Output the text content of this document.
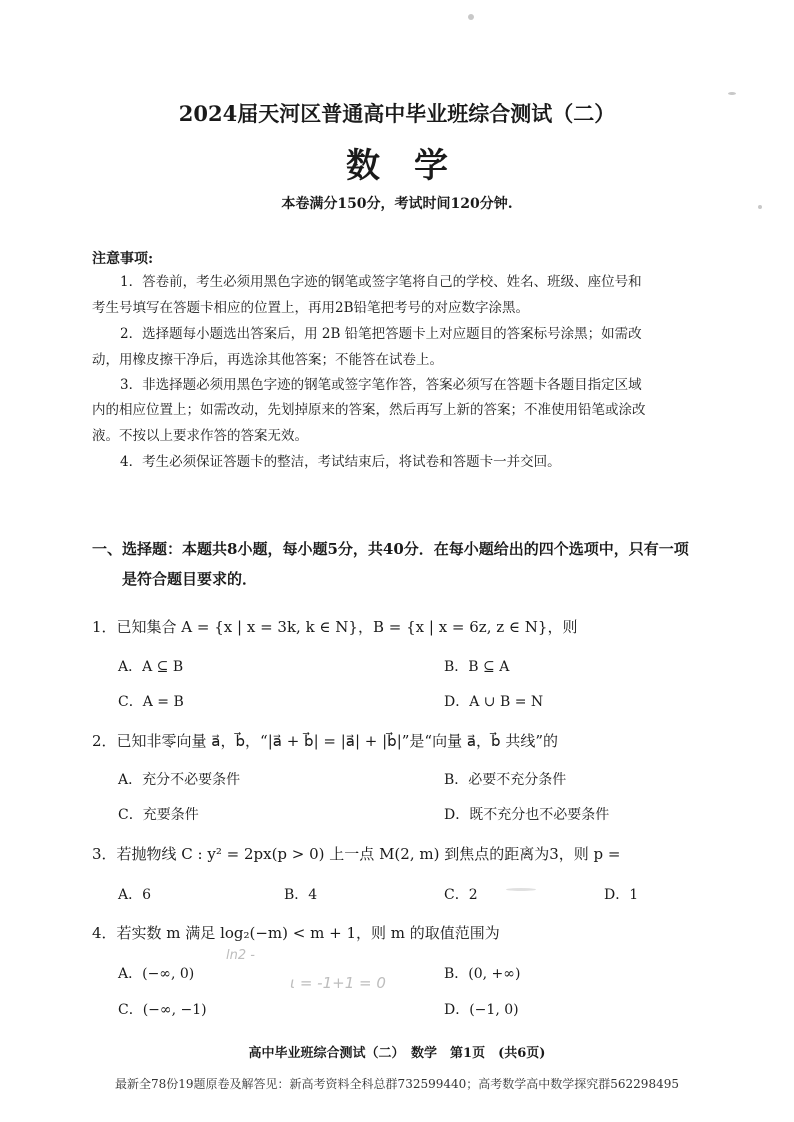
2024届天河区普通高中毕业班综合测试（二）
数学
本卷满分150分，考试时间120分钟.
注意事项:
1．答卷前，考生必须用黑色字迹的钢笔或签字笔将自己的学校、姓名、班级、座位号和
考生号填写在答题卡相应的位置上，再用2B铅笔把考号的对应数字涂黑。
2．选择题每小题选出答案后，用 2B 铅笔把答题卡上对应题目的答案标号涂黑；如需改
动，用橡皮擦干净后，再选涂其他答案；不能答在试卷上。
3．非选择题必须用黑色字迹的钢笔或签字笔作答，答案必须写在答题卡各题目指定区域
内的相应位置上；如需改动，先划掉原来的答案，然后再写上新的答案；不准使用铅笔或涂改
液。不按以上要求作答的答案无效。
4．考生必须保证答题卡的整洁，考试结束后，将试卷和答题卡一并交回。
一、选择题：本题共8小题，每小题5分，共40分．在每小题给出的四个选项中，只有一项
是符合题目要求的．
1．已知集合 A = {x | x = 3k, k ∈ N}，B = {x | x = 6z, z ∈ N}，则
A．A ⊆ B	B．B ⊆ A
C．A = B	D．A ∪ B = N
2．已知非零向量 a⃗，b⃗，“|a⃗ + b⃗| = |a⃗| + |b⃗|”是“向量 a⃗，b⃗ 共线”的
A．充分不必要条件	B．必要不充分条件
C．充要条件	D．既不充分也不必要条件
3．若抛物线 C : y² = 2px(p > 0) 上一点 M(2, m) 到焦点的距离为3，则 p =
A．6	B．4	C．2	D．1
4．若实数 m 满足 log₂(−m) < m + 1，则 m 的取值范围为
ln2 -
A．(−∞, 0)	B．(0, +∞)
ι = -1+1 = 0
C．(−∞, −1)	D．(−1, 0)
高中毕业班综合测试（二）　数学　第1页　(共6页)
最新全78份19题原卷及解答见：新高考资料全科总群732599440；高考数学高中数学探究群562298495
